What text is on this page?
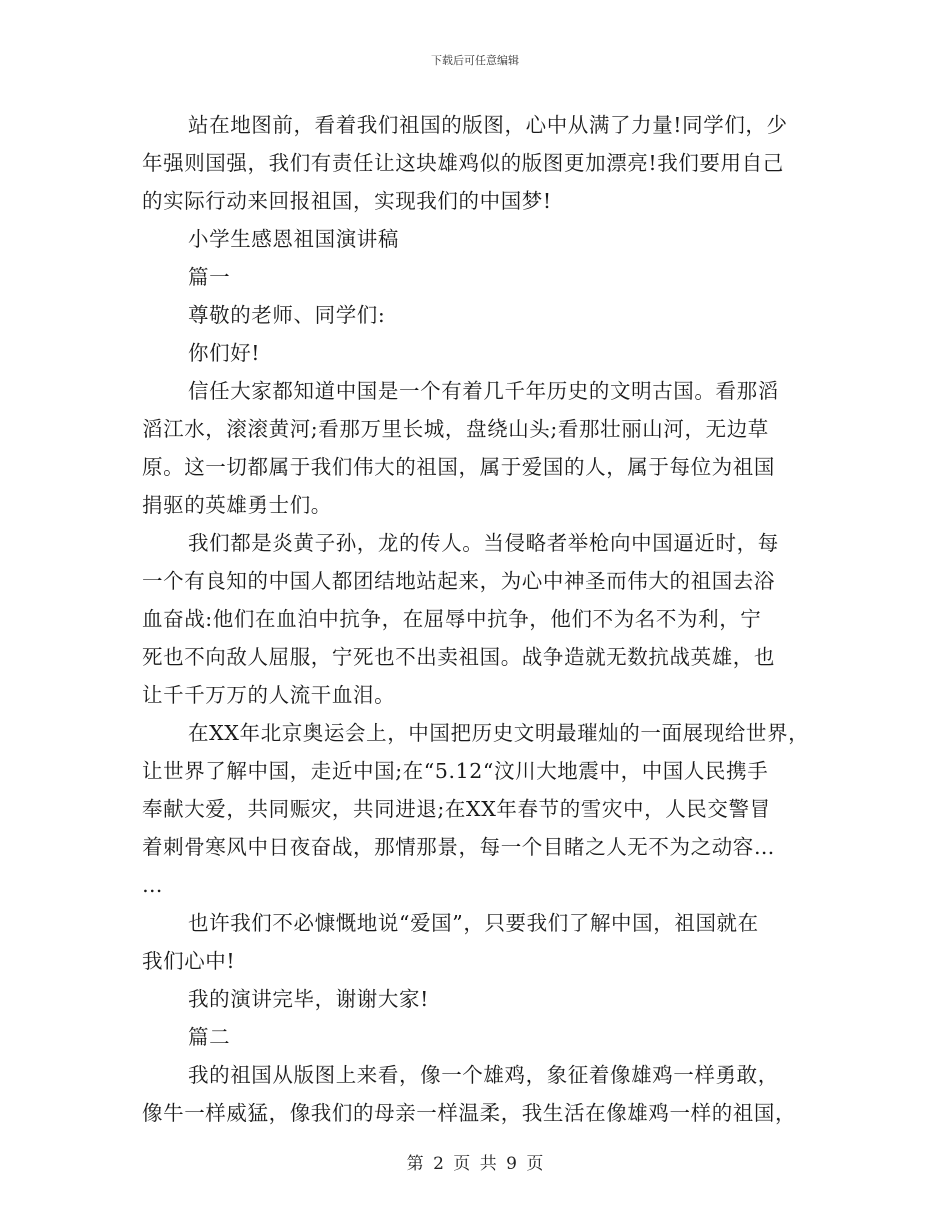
下载后可任意编辑
站在地图前，看着我们祖国的版图，心中从满了力量!同学们，少
年强则国强，我们有责任让这块雄鸡似的版图更加漂亮!我们要用自己
的实际行动来回报祖国，实现我们的中国梦!
小学生感恩祖国演讲稿
篇一
尊敬的老师、同学们:
你们好!
信任大家都知道中国是一个有着几千年历史的文明古国。看那滔
滔江水，滚滚黄河;看那万里长城，盘绕山头;看那壮丽山河，无边草
原。这一切都属于我们伟大的祖国，属于爱国的人，属于每位为祖国
捐驱的英雄勇士们。
我们都是炎黄子孙，龙的传人。当侵略者举枪向中国逼近时，每
一个有良知的中国人都团结地站起来，为心中神圣而伟大的祖国去浴
血奋战:他们在血泊中抗争，在屈辱中抗争，他们不为名不为利，宁
死也不向敌人屈服，宁死也不出卖祖国。战争造就无数抗战英雄，也
让千千万万的人流干血泪。
在XX年北京奥运会上，中国把历史文明最璀灿的一面展现给世界，
让世界了解中国，走近中国;在“5.12“汶川大地震中，中国人民携手
奉献大爱，共同赈灾，共同进退;在XX年春节的雪灾中，人民交警冒
着刺骨寒风中日夜奋战，那情那景，每一个目睹之人无不为之动容…
…
也许我们不必慷慨地说“爱国”，只要我们了解中国，祖国就在
我们心中!
我的演讲完毕，谢谢大家!
篇二
我的祖国从版图上来看，像一个雄鸡，象征着像雄鸡一样勇敢，
像牛一样威猛，像我们的母亲一样温柔，我生活在像雄鸡一样的祖国，
第 2 页 共 9 页
